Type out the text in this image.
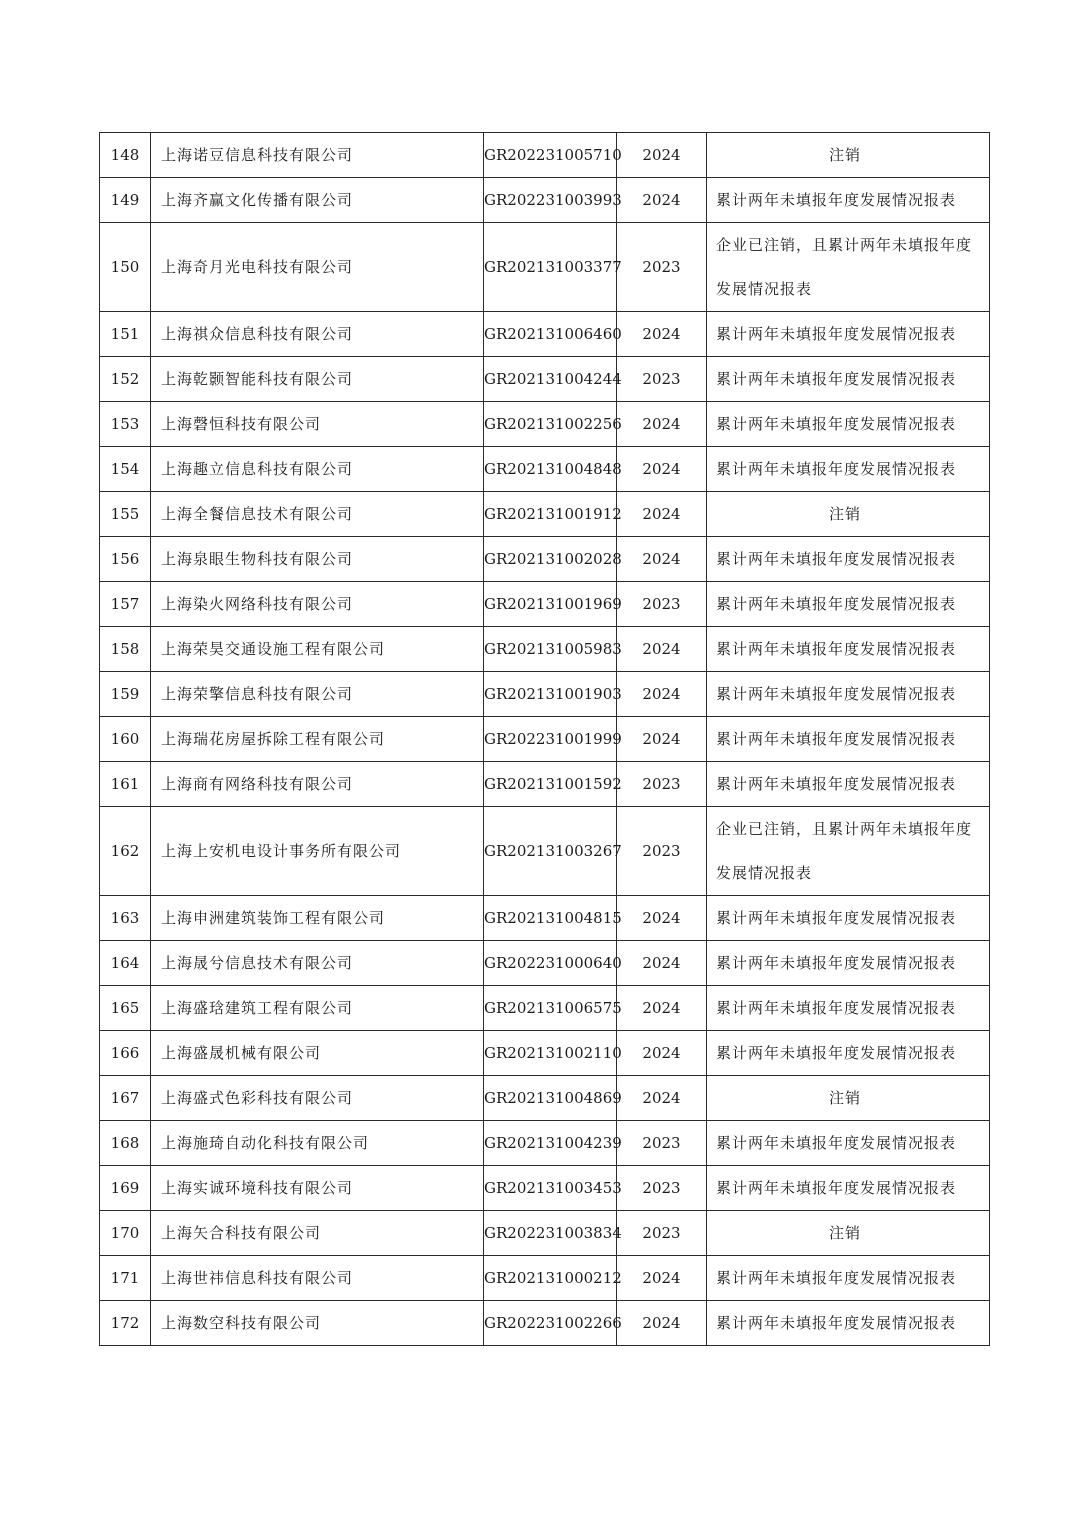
148	上海诺豆信息科技有限公司	GR202231005710	2024	注销
149	上海齐赢文化传播有限公司	GR202231003993	2024	累计两年未填报年度发展情况报表
150	上海奇月光电科技有限公司	GR202131003377	2023	企业已注销，且累计两年未填报年度发展情况报表
151	上海祺众信息科技有限公司	GR202131006460	2024	累计两年未填报年度发展情况报表
152	上海乾颢智能科技有限公司	GR202131004244	2023	累计两年未填报年度发展情况报表
153	上海磬恒科技有限公司	GR202131002256	2024	累计两年未填报年度发展情况报表
154	上海趣立信息科技有限公司	GR202131004848	2024	累计两年未填报年度发展情况报表
155	上海全餐信息技术有限公司	GR202131001912	2024	注销
156	上海泉眼生物科技有限公司	GR202131002028	2024	累计两年未填报年度发展情况报表
157	上海染火网络科技有限公司	GR202131001969	2023	累计两年未填报年度发展情况报表
158	上海荣昊交通设施工程有限公司	GR202131005983	2024	累计两年未填报年度发展情况报表
159	上海荣擎信息科技有限公司	GR202131001903	2024	累计两年未填报年度发展情况报表
160	上海瑞花房屋拆除工程有限公司	GR202231001999	2024	累计两年未填报年度发展情况报表
161	上海商有网络科技有限公司	GR202131001592	2023	累计两年未填报年度发展情况报表
162	上海上安机电设计事务所有限公司	GR202131003267	2023	企业已注销，且累计两年未填报年度发展情况报表
163	上海申洲建筑装饰工程有限公司	GR202131004815	2024	累计两年未填报年度发展情况报表
164	上海晟兮信息技术有限公司	GR202231000640	2024	累计两年未填报年度发展情况报表
165	上海盛琀建筑工程有限公司	GR202131006575	2024	累计两年未填报年度发展情况报表
166	上海盛晟机械有限公司	GR202131002110	2024	累计两年未填报年度发展情况报表
167	上海盛式色彩科技有限公司	GR202131004869	2024	注销
168	上海施琦自动化科技有限公司	GR202131004239	2023	累计两年未填报年度发展情况报表
169	上海实诚环境科技有限公司	GR202131003453	2023	累计两年未填报年度发展情况报表
170	上海矢合科技有限公司	GR202231003834	2023	注销
171	上海世祎信息科技有限公司	GR202131000212	2024	累计两年未填报年度发展情况报表
172	上海数空科技有限公司	GR202231002266	2024	累计两年未填报年度发展情况报表
